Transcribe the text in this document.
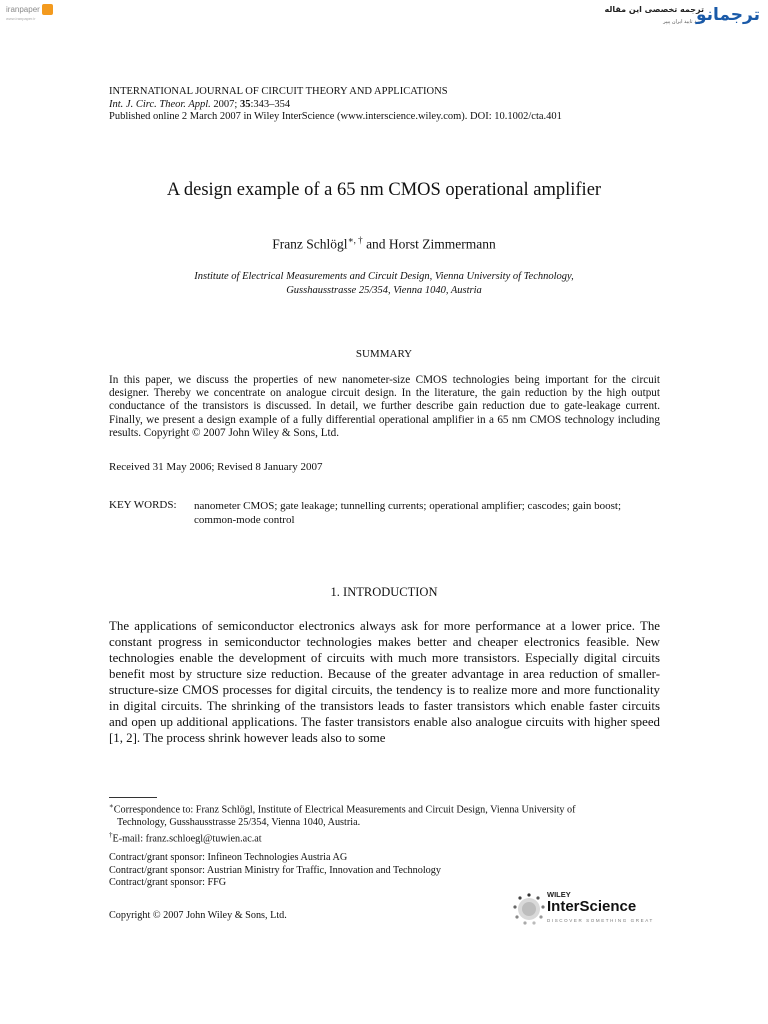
iranpaper
www.iranpaper.ir
ترجمه تخصصی این مقاله
مورد تایید ایران پیپر
ترجمانو
INTERNATIONAL JOURNAL OF CIRCUIT THEORY AND APPLICATIONS
Int. J. Circ. Theor. Appl. 2007; 35:343–354
Published online 2 March 2007 in Wiley InterScience (www.interscience.wiley.com). DOI: 10.1002/cta.401
A design example of a 65 nm CMOS operational amplifier
Franz Schlögl∗, † and Horst Zimmermann
Institute of Electrical Measurements and Circuit Design, Vienna University of Technology,
Gusshausstrasse 25/354, Vienna 1040, Austria
SUMMARY
In this paper, we discuss the properties of new nanometer-size CMOS technologies being important for the circuit designer. Thereby we concentrate on analogue circuit design. In the literature, the gain reduction by the high output conductance of the transistors is discussed. In detail, we further describe gain reduction due to gate-leakage current. Finally, we present a design example of a fully differential operational amplifier in a 65 nm CMOS technology including results. Copyright © 2007 John Wiley & Sons, Ltd.
Received 31 May 2006; Revised 8 January 2007
KEY WORDS: nanometer CMOS; gate leakage; tunnelling currents; operational amplifier; cascodes; gain boost; common-mode control
1. INTRODUCTION
The applications of semiconductor electronics always ask for more performance at a lower price. The constant progress in semiconductor technologies makes better and cheaper electronics feasible. New technologies enable the development of circuits with much more transistors. Especially digital circuits benefit most by structure size reduction. Because of the greater advantage in area reduction of smaller-structure-size CMOS processes for digital circuits, the tendency is to realize more and more functionality in digital circuits. The shrinking of the transistors leads to faster transistors which enable faster circuits and open up additional applications. The faster transistors enable also analogue circuits with higher speed [1, 2]. The process shrink however leads also to some
∗Correspondence to: Franz Schlögl, Institute of Electrical Measurements and Circuit Design, Vienna University of
Technology, Gusshausstrasse 25/354, Vienna 1040, Austria.
†E-mail: franz.schloegl@tuwien.ac.at
Contract/grant sponsor: Infineon Technologies Austria AG
Contract/grant sponsor: Austrian Ministry for Traffic, Innovation and Technology
Contract/grant sponsor: FFG
Copyright © 2007 John Wiley & Sons, Ltd.
WILEY
InterScience
DISCOVER SOMETHING GREAT
